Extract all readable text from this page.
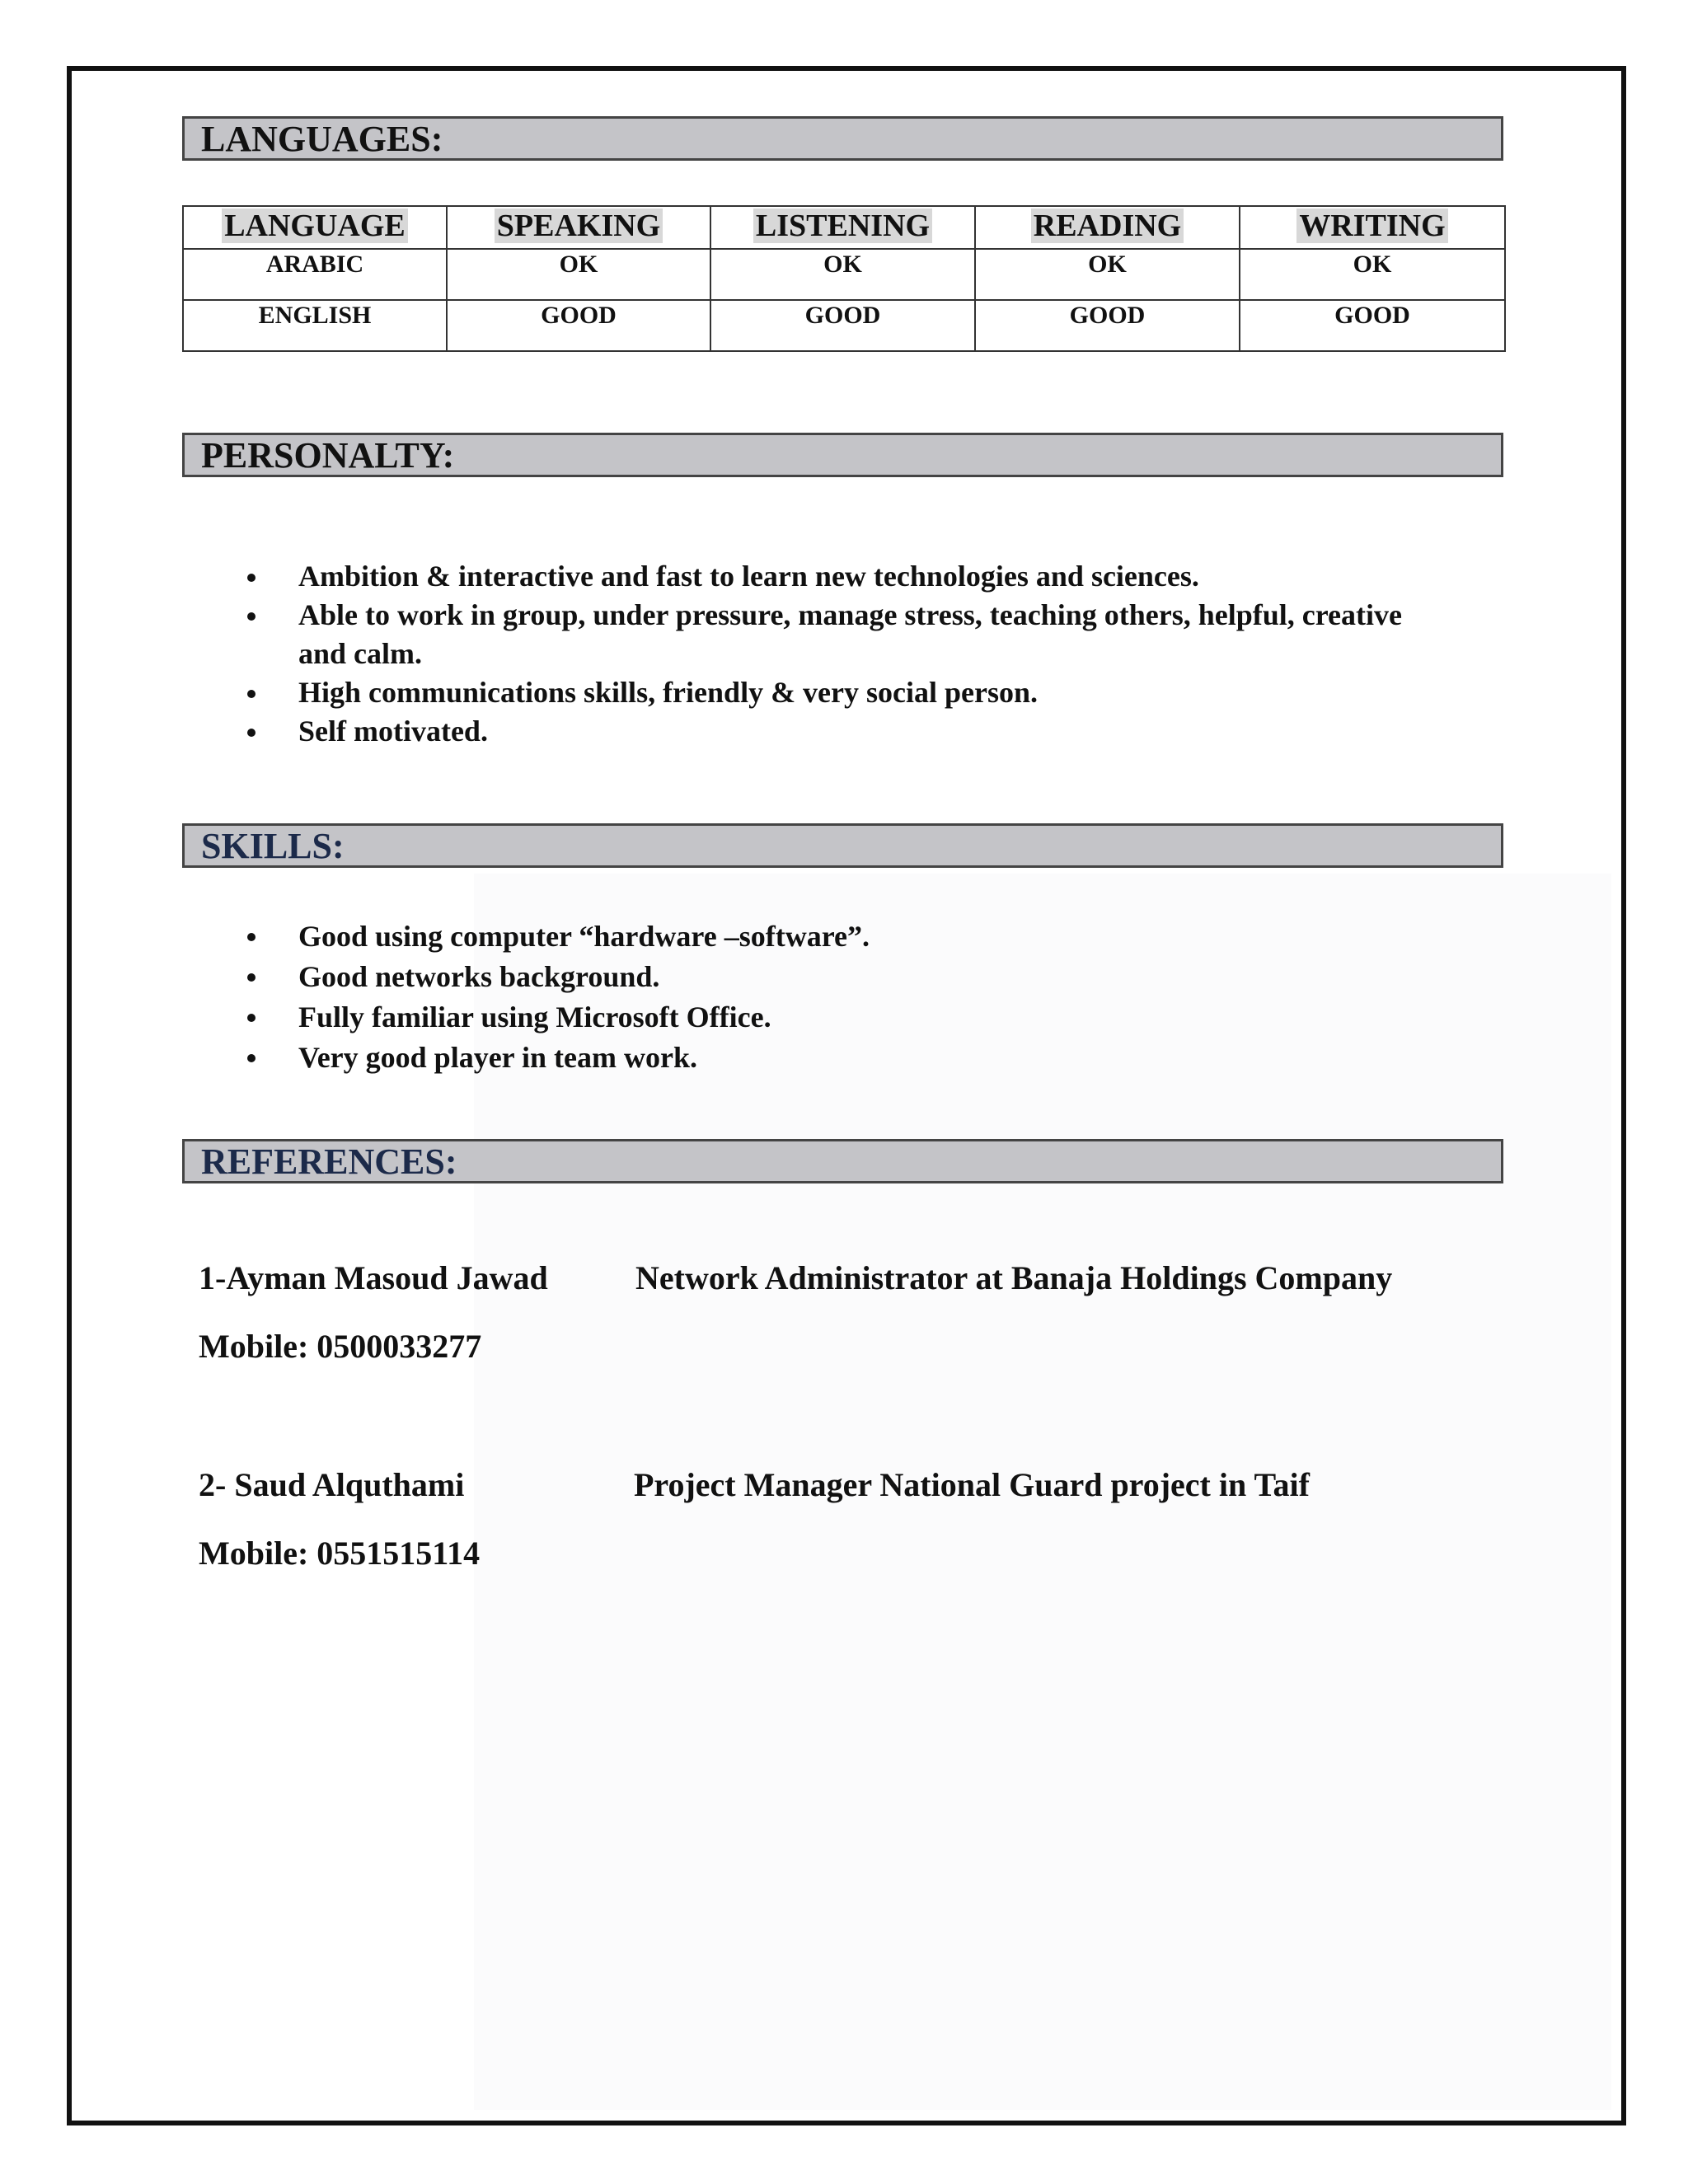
LANGUAGES:
LANGUAGE	SPEAKING	LISTENING	READING	WRITING
ARABIC	OK	OK	OK	OK
ENGLISH	GOOD	GOOD	GOOD	GOOD
PERSONALTY:
Ambition & interactive and fast to learn new technologies and sciences.
Able to work in group, under pressure, manage stress, teaching others, helpful, creative and calm.
High communications skills, friendly & very social person.
Self motivated.
SKILLS:
Good using computer “hardware –software”.
Good networks background.
Fully familiar using Microsoft Office.
Very good player in team work.
REFERENCES:
1-Ayman Masoud Jawad	Network Administrator at Banaja Holdings Company
Mobile: 0500033277
2- Saud Alquthami	Project Manager National Guard project in Taif
Mobile: 0551515114
